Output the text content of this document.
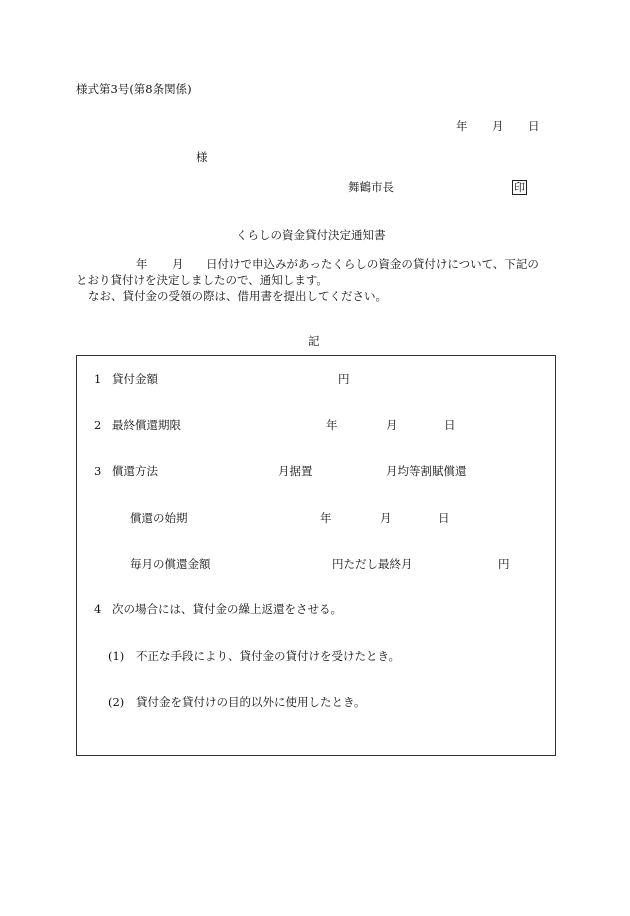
様式第3号(第8条関係)
年 月 日
様
舞鶴市長	印
くらしの資金貸付決定通知書
年 月 日付けで申込みがあったくらしの資金の貸付けについて、下記の
とおり貸付けを決定しましたので、通知します。
なお、貸付金の受領の際は、借用書を提出してください。
記
1 貸付金額	円
2 最終償還期限	年	月	日
3 償還方法	月据置	月均等割賦償還
償還の始期	年	月	日
毎月の償還金額	円ただし最終月	円
4 次の場合には、貸付金の繰上返還をさせる。
(1) 不正な手段により、貸付金の貸付けを受けたとき。
(2) 貸付金を貸付けの目的以外に使用したとき。
